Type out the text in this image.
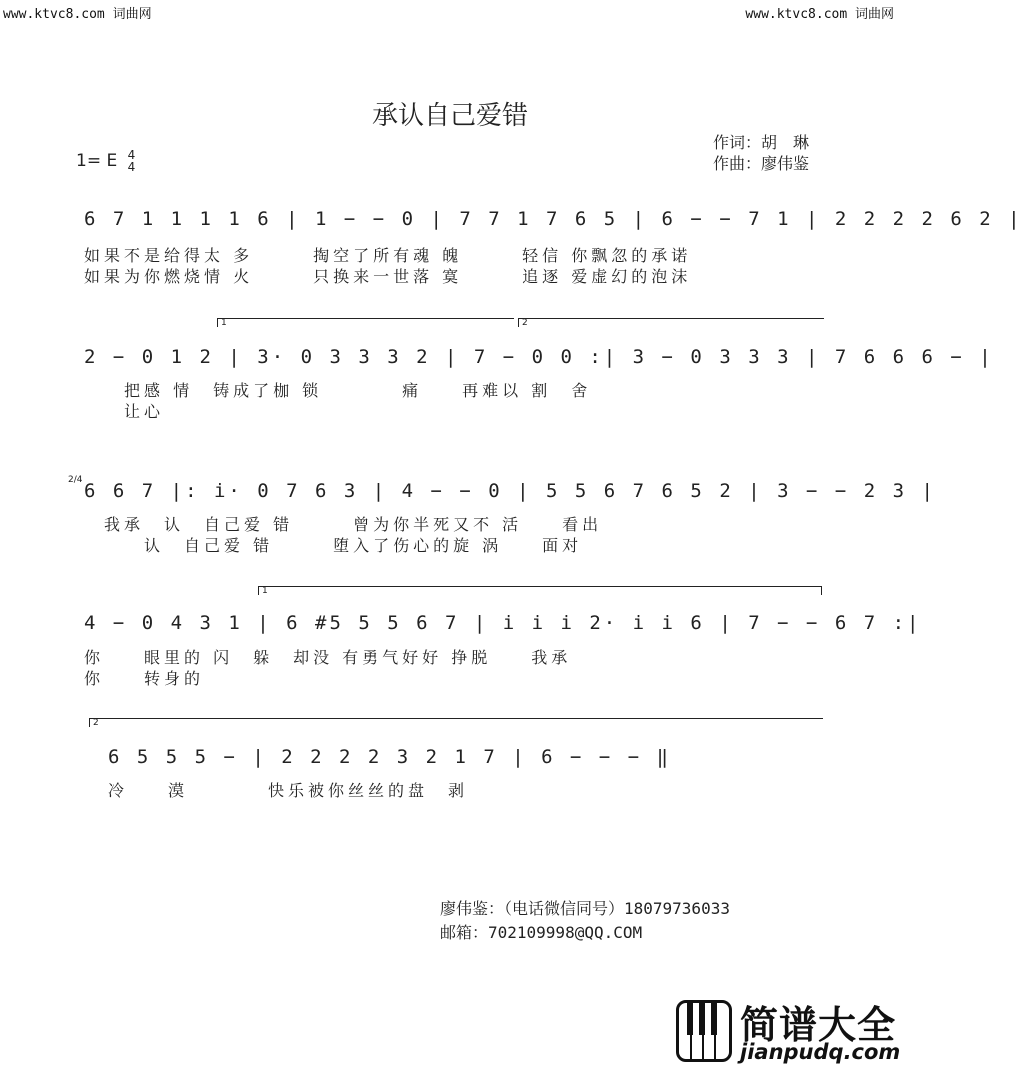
www.ktvc8.com 词曲网	www.ktvc8.com 词曲网
承认自己爱错
1= E 4
4
作词：胡　琳
作曲：廖伟鉴
6 7 1 1 1 1 6 | 1 − − 0 | 7 7 1 7 6 5 | 6 − − 7 1 | 2 2 2 2 6 2 |
如果不是给得太 多　　　掏空了所有魂 魄　　　轻信 你飘忽的承诺
如果为你燃烧情 火　　　只换来一世落 寞　　　追逐 爱虚幻的泡沫
1	2
2 − 0 1 2 | 3· 0 3 3 3 2 | 7 − 0 0 :| 3 − 0 3 3 3 | 7 6 6 6 − |
　　把感 情　铸成了枷 锁　　　　痛　　再难以 割　舍
　　让心
2/4 6 6 7 |: i· 0 7 6 3 | 4 − − 0 | 5 5 6 7 6 5 2 | 3 − − 2 3 |
　我承　认　自己爱 错　　　曾为你半死又不 活　　看出
　　　认　自己爱 错　　　堕入了伤心的旋 涡　　面对
1
4 − 0 4 3 1 | 6 #5 5 5 6 7 | i i i 2· i i 6 | 7 − − 6 7 :|
你　　眼里的 闪　躲　却没 有勇气好好 挣脱　　我承
你　　转身的
2
6 5 5 5 − | 2 2 2 2 3 2 1 7 | 6 − − − ‖
冷　　漠　　　　快乐被你丝丝的盘　剥
廖伟鉴：（电话微信同号）18079736033
邮箱：702109998@QQ.COM
简谱大全
jianpudq.com
